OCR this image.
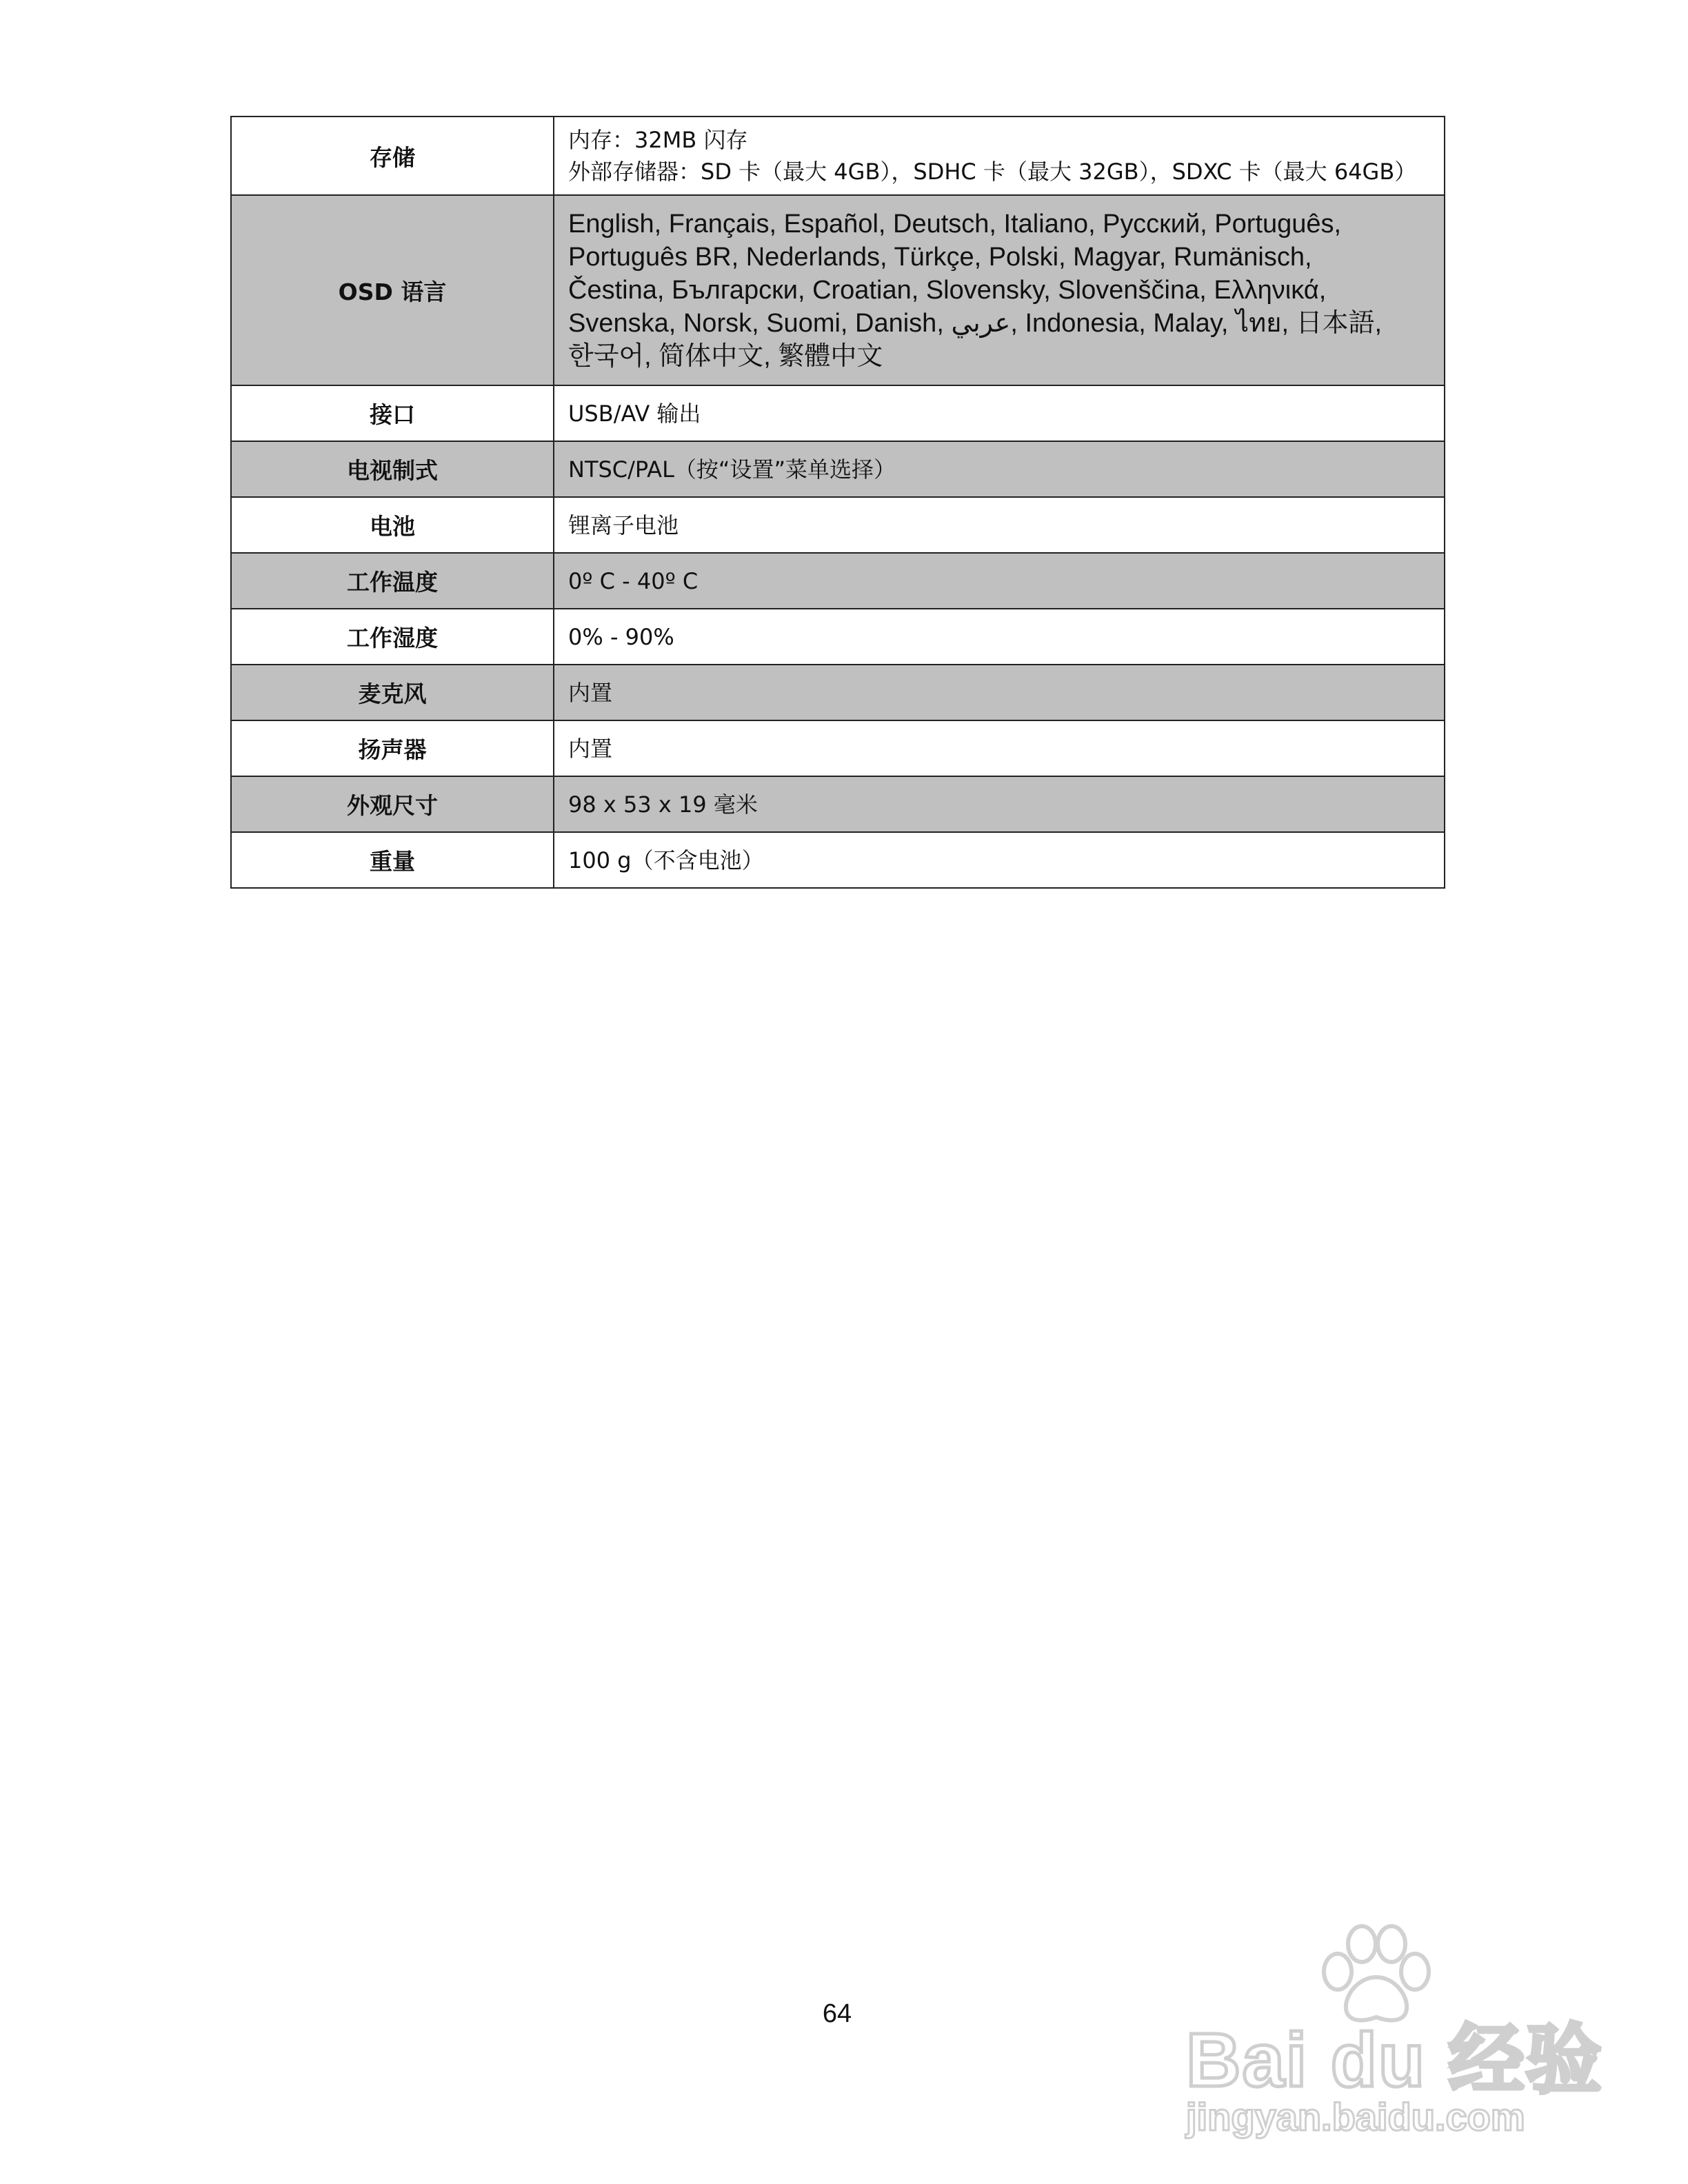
存储	内存：32MB 闪存
外部存储器：SD 卡（最大 4GB），SDHC 卡（最大 32GB），SDXC 卡（最大 64GB）

OSD 语言	English, Français, Español, Deutsch, Italiano, Русский, Português,
Português BR, Nederlands, Türkçe, Polski, Magyar, Rumänisch,
Čestina, Български, Croatian, Slovensky, Slovenščina, Ελληνικά,
Svenska, Norsk, Suomi, Danish, عربي, Indonesia, Malay, ไทย, 日本語,
한국어, 简体中文, 繁體中文

接口	USB/AV 输出
电视制式	NTSC/PAL（按“设置”菜单选择）
电池	锂离子电池
工作温度	0º C - 40º C
工作湿度	0% - 90%
麦克风	内置
扬声器	内置
外观尺寸	98 x 53 x 19 毫米
重量	100 g（不含电池）
64
Bai du 经验
jingyan.baidu.com
